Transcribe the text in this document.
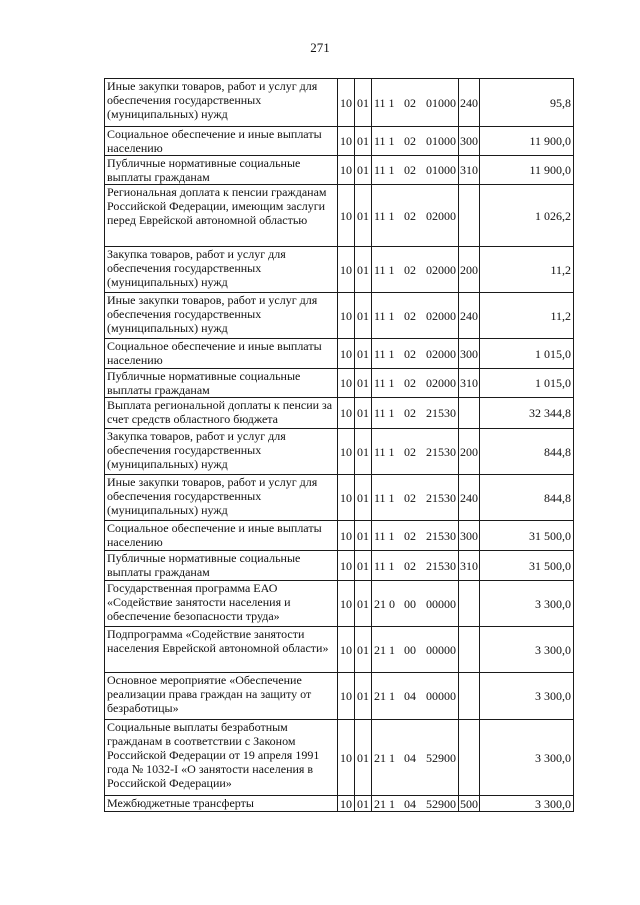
271
Иные закупки товаров, работ и услуг для обеспечения государственных (муниципальных) нужд	10	01	11 1 02 01000	240	95,8
Социальное обеспечение и иные выплаты населению	10	01	11 1 02 01000	300	11 900,0
Публичные нормативные социальные выплаты гражданам	10	01	11 1 02 01000	310	11 900,0
Региональная доплата к пенсии гражданам Российской Федерации, имеющим заслуги перед Еврейской автономной областью	10	01	11 1 02 02000		1 026,2
Закупка товаров, работ и услуг для обеспечения государственных (муниципальных) нужд	10	01	11 1 02 02000	200	11,2
Иные закупки товаров, работ и услуг для обеспечения государственных (муниципальных) нужд	10	01	11 1 02 02000	240	11,2
Социальное обеспечение и иные выплаты населению	10	01	11 1 02 02000	300	1 015,0
Публичные нормативные социальные выплаты гражданам	10	01	11 1 02 02000	310	1 015,0
Выплата региональной доплаты к пенсии за счет средств областного бюджета	10	01	11 1 02 21530		32 344,8
Закупка товаров, работ и услуг для обеспечения государственных (муниципальных) нужд	10	01	11 1 02 21530	200	844,8
Иные закупки товаров, работ и услуг для обеспечения государственных (муниципальных) нужд	10	01	11 1 02 21530	240	844,8
Социальное обеспечение и иные выплаты населению	10	01	11 1 02 21530	300	31 500,0
Публичные нормативные социальные выплаты гражданам	10	01	11 1 02 21530	310	31 500,0
Государственная программа ЕАО «Содействие занятости населения и обеспечение безопасности труда»	10	01	21 0 00 00000		3 300,0
Подпрограмма «Содействие занятости населения Еврейской автономной области»	10	01	21 1 00 00000		3 300,0
Основное мероприятие «Обеспечение реализации права граждан на защиту от безработицы»	10	01	21 1 04 00000		3 300,0
Социальные выплаты безработным гражданам в соответствии с Законом Российской Федерации от 19 апреля 1991 года № 1032-I «О занятости населения в Российской Федерации»	10	01	21 1 04 52900		3 300,0
Межбюджетные трансферты	10	01	21 1 04 52900	500	3 300,0
